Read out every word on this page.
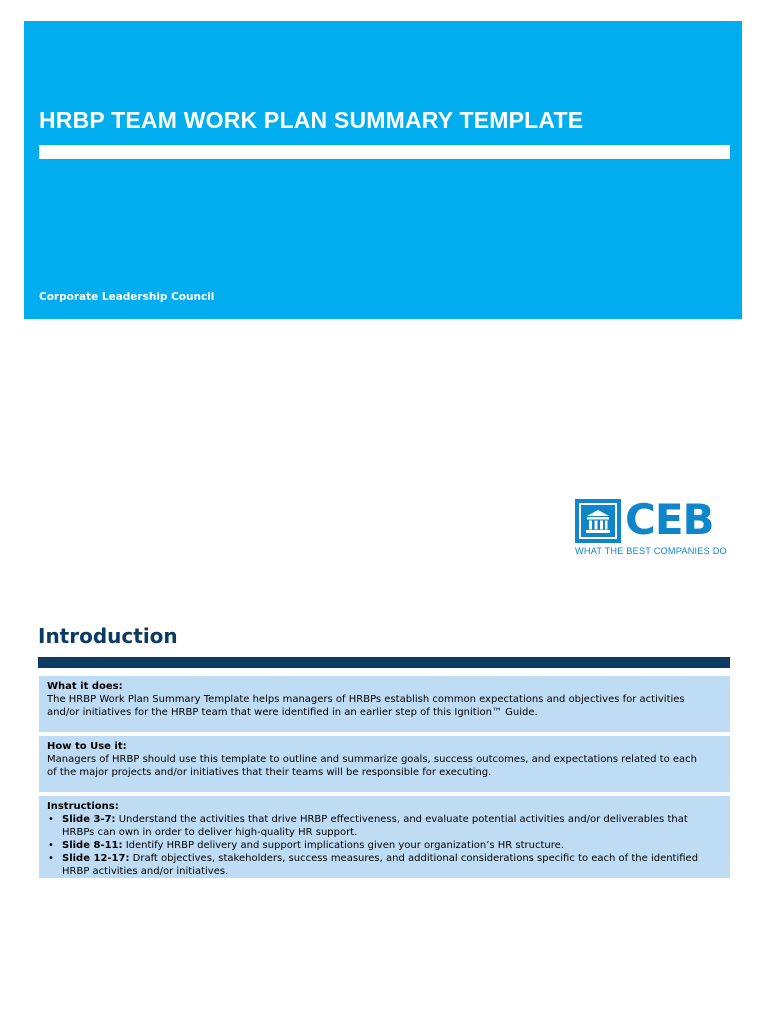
HRBP TEAM WORK PLAN SUMMARY TEMPLATE
Corporate Leadership Council
CEB
WHAT THE BEST COMPANIES DO
Introduction
What it does:
The HRBP Work Plan Summary Template helps managers of HRBPs establish common expectations and objectives for activities
and/or initiatives for the HRBP team that were identified in an earlier step of this Ignition™ Guide.
How to Use it:
Managers of HRBP should use this template to outline and summarize goals, success outcomes, and expectations related to each
of the major projects and/or initiatives that their teams will be responsible for executing.
Instructions:
• Slide 3-7: Understand the activities that drive HRBP effectiveness, and evaluate potential activities and/or deliverables that
HRBPs can own in order to deliver high-quality HR support.
• Slide 8-11: Identify HRBP delivery and support implications given your organization’s HR structure.
• Slide 12-17: Draft objectives, stakeholders, success measures, and additional considerations specific to each of the identified
HRBP activities and/or initiatives.
